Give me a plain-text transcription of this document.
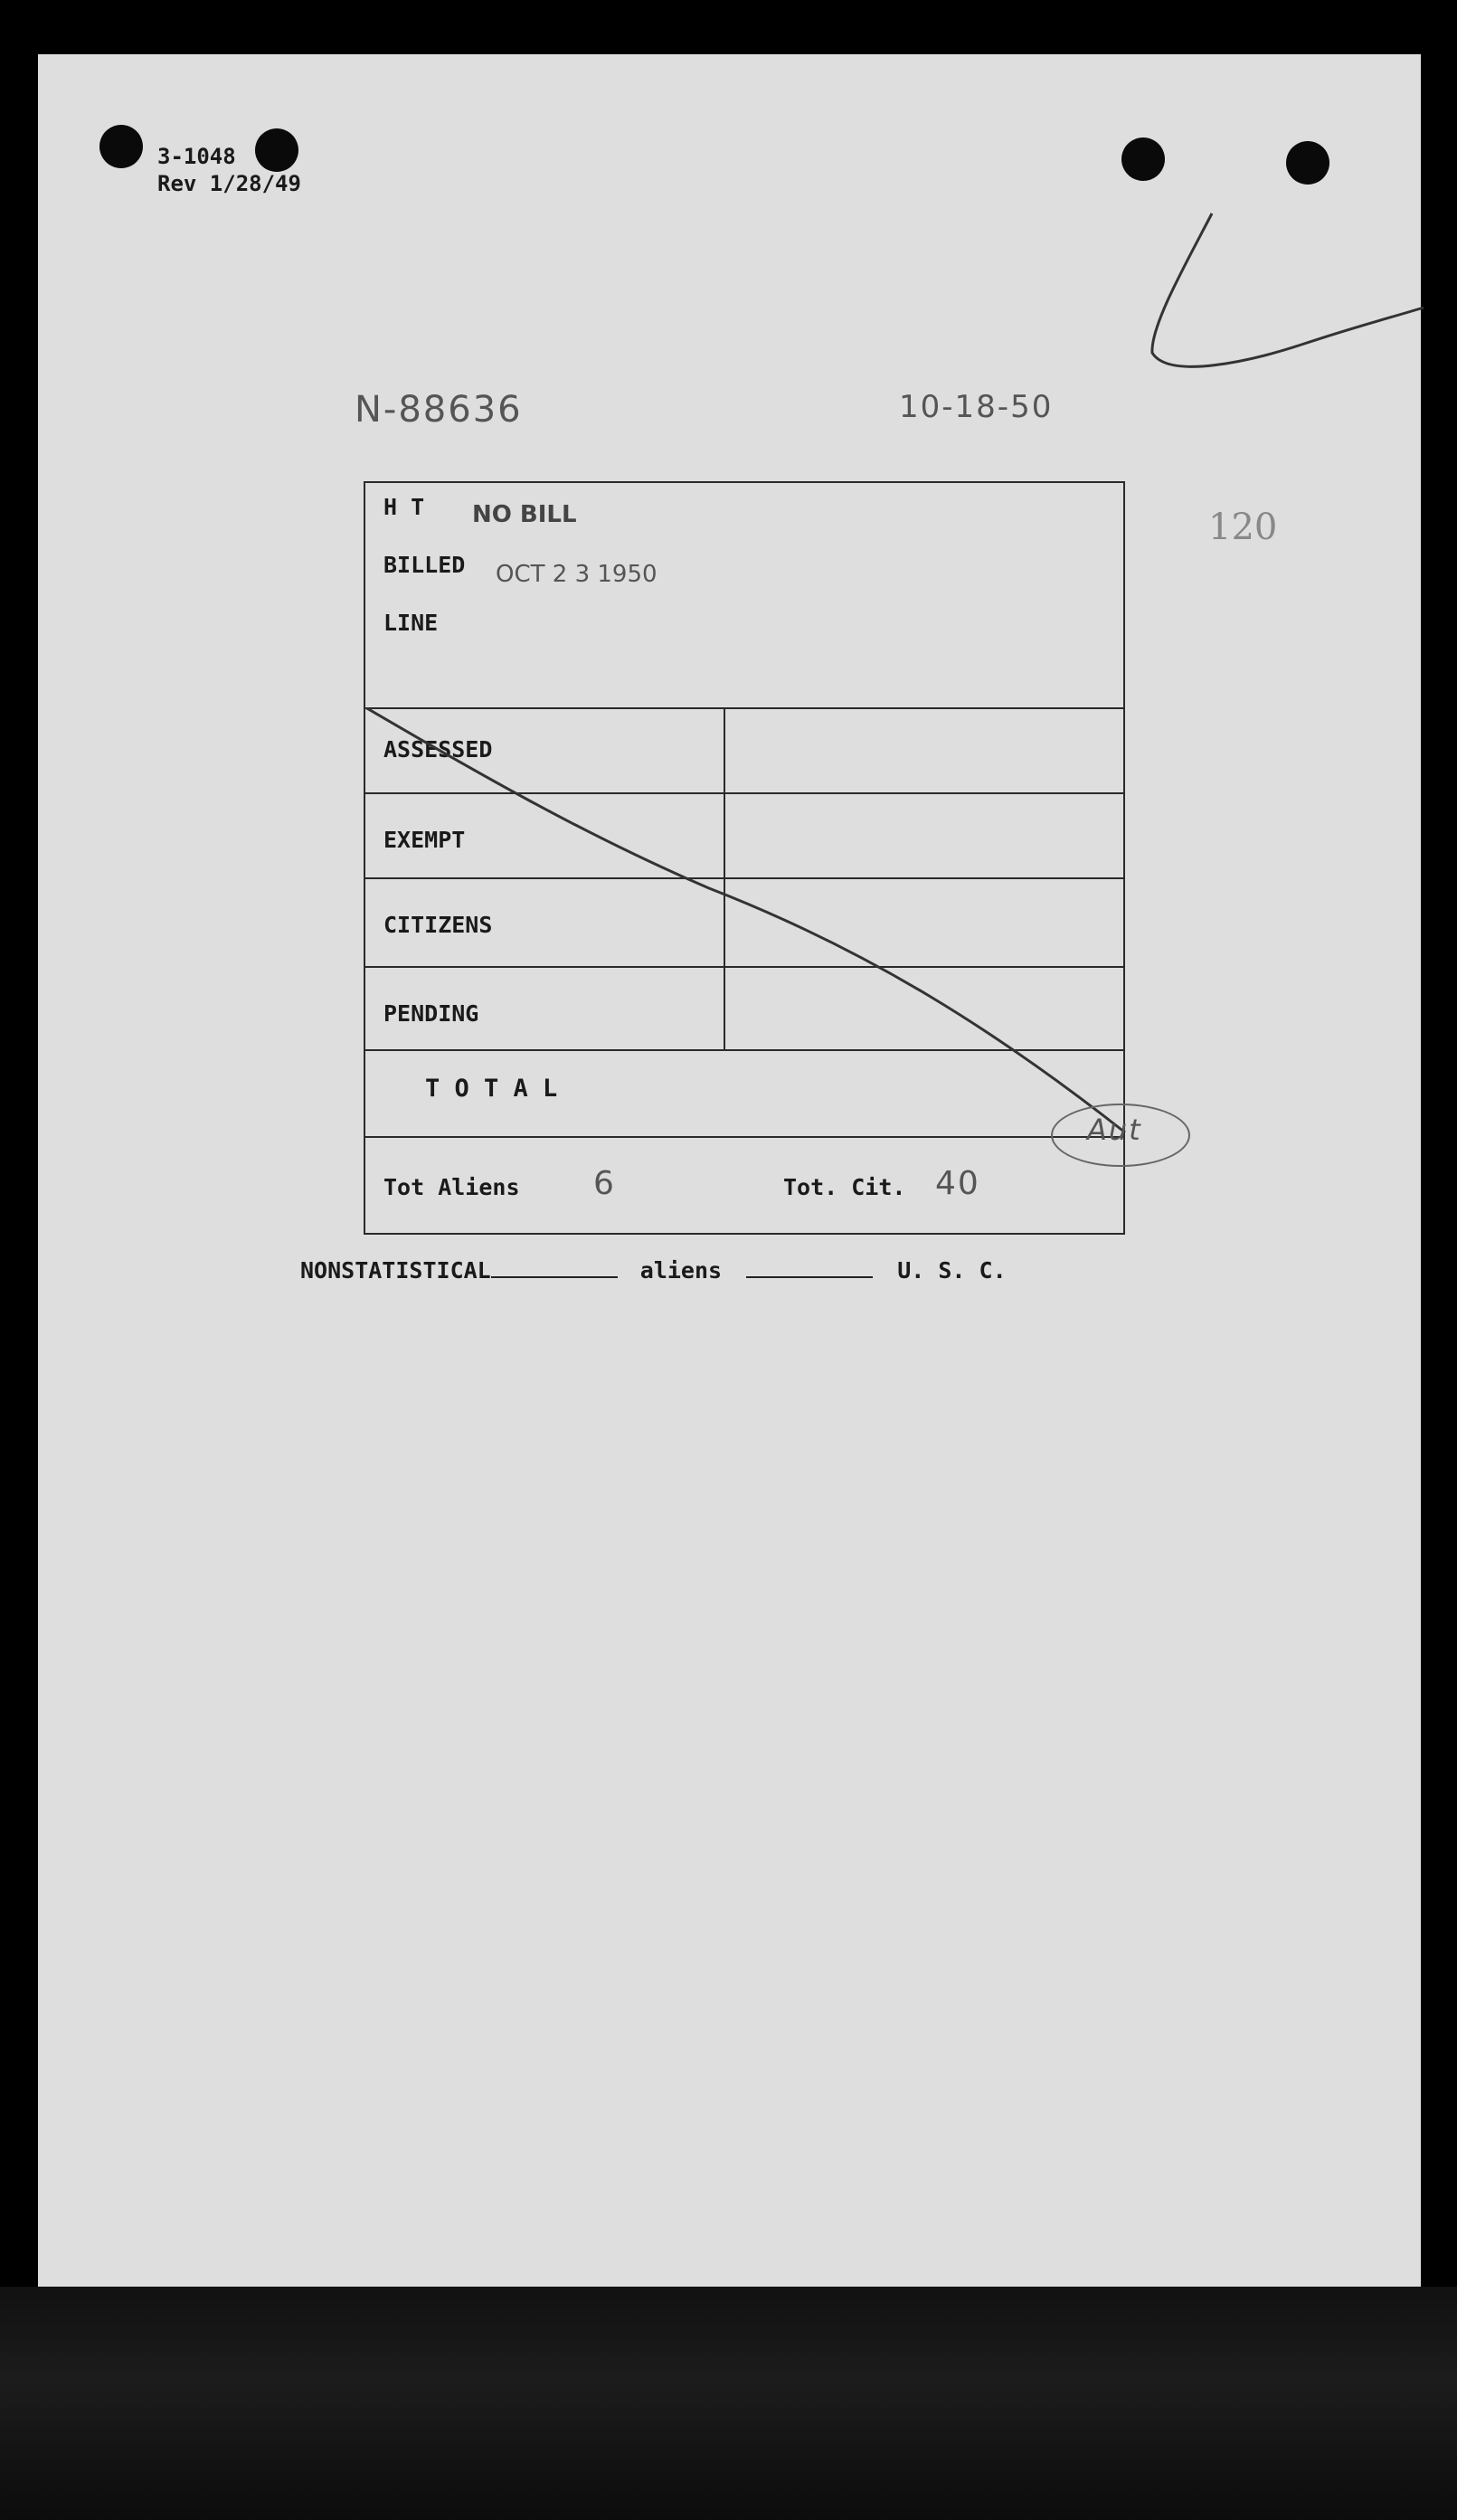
3-1048
Rev 1/28/49
N-88636	10-18-50
120
H T NO BILL
BILLED OCT 2 3 1950
LINE
ASSESSED
EXEMPT
CITIZENS
PENDING
T O T A L
Tot Aliens 6	Tot. Cit. 40
Aut
NONSTATISTICAL	aliens	U. S. C.
